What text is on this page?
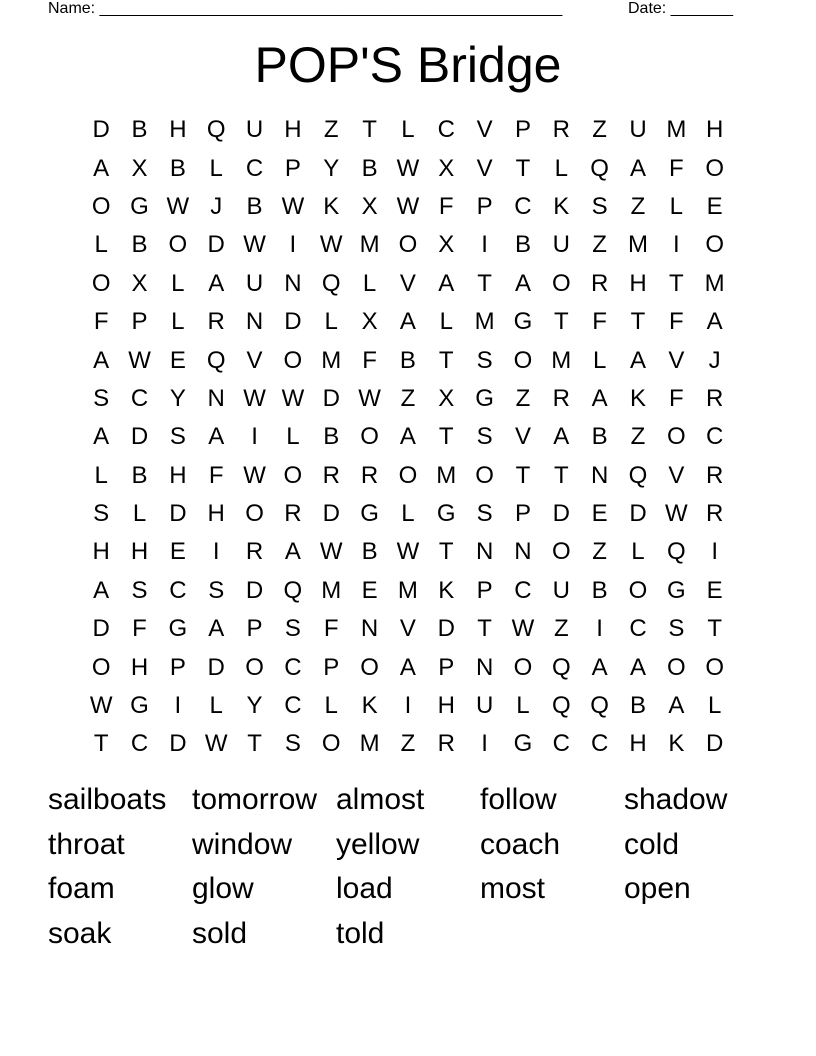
Name: ____________________________________________________	Date: _______
POP'S Bridge
D B H Q U H Z T	L C V P R Z U M H
A X B L C P Y B W X V T	L Q A F O
O G W J	B W K X W F P C K S Z	L E
L B O D W I W M O X	I	B U Z M	I	O
O X L A U N Q L V A T A O R H T M
F P L R N D L X A L M G T F T F A
A W E Q V O M F B T S O M L A V	J
S C Y N W W D W Z X G Z R A K F R
A D S A	I	L B O A T S V A B Z O C
L B H F W O R R O M O T T N Q V R
S L D H O R D G L G S P D E D W R
H H E	I	R A W B W T N N O Z	L Q	I
A S C S D Q M E M K P C U B O G E
D F G A P S F N V D T W Z	I	C S T
O H P D O C P O A P N O Q A A O O
W G	I	L Y C L K	I	H U L Q Q B A L
T C D W T S O M Z R	I	G C C H K D
sailboats tomorrow almost	follow	shadow
throat	window	yellow	coach	cold
foam	glow	load	most	open
soak	sold	told
